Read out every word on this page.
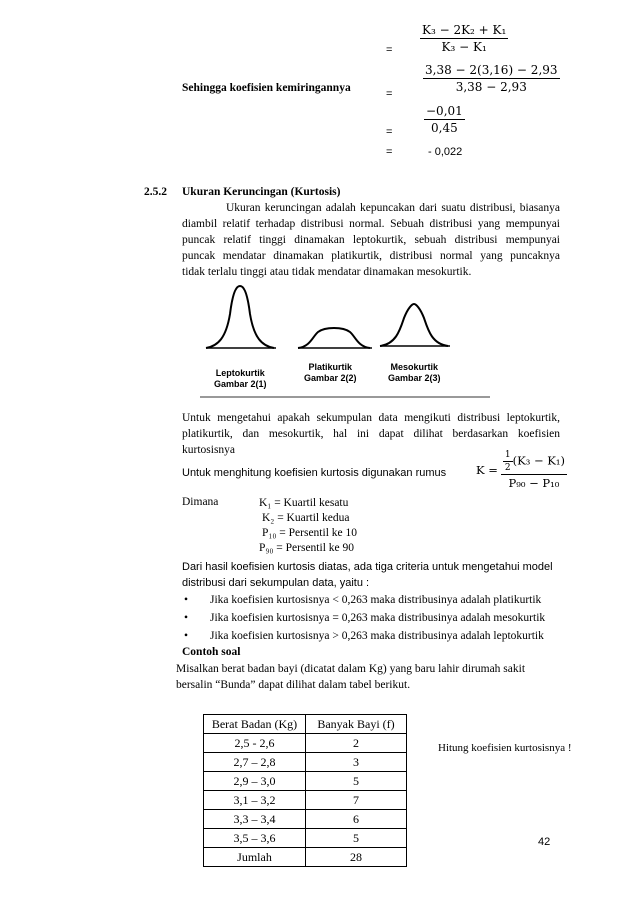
Sehingga koefisien kemiringannya
= $\frac{\text{K₃ − 2K₂ + K₁}}{\text{K₃ − K₁}}$
=	$\frac{3,38 - 2(3,16) - 2,93}{3,38 - 2,93}$
=	$\frac{-0,01}{0,45}$
=	- 0,022
2.5.2 Ukuran Keruncingan (Kurtosis)
Ukuran keruncingan adalah kepuncakan dari suatu distribusi, biasanya
diambil relatif terhadap distribusi normal. Sebuah distribusi yang mempunyai
puncak relatif tinggi dinamakan leptokurtik, sebuah distribusi mempunyai
puncak mendatar dinamakan platikurtik, distribusi normal yang puncaknya
tidak terlalu tinggi atau tidak mendatar dinamakan mesokurtik.
Leptokurtik
Gambar 2(1)
Platikurtik
Gambar 2(2)
Mesokurtik
Gambar 2(3)
Untuk mengetahui apakah sekumpulan data mengikuti distribusi leptokurtik,
platikurtik, dan mesokurtik, hal ini dapat dilihat berdasarkan koefisien
kurtosisnya
Untuk menghitung koefisien kurtosis digunakan rumus	$K = \frac{\frac{1}{2} (K_3 - K_1)}{\text{P₉₀ − P₁₀}}$
Dimana	K₁ = Kuartil kesatu
K₂ = Kuartil kedua
P₁₀ = Persentil ke 10
P₉₀ = Persentil ke 90
Dari hasil koefisien kurtosis diatas, ada tiga criteria untuk mengetahui model
distribusi dari sekumpulan data, yaitu :
• Jika koefisien kurtosisnya < 0,263 maka distribusinya adalah platikurtik
• Jika koefisien kurtosisnya = 0,263 maka distribusinya adalah mesokurtik
• Jika koefisien kurtosisnya > 0,263 maka distribusinya adalah leptokurtik
Contoh soal
Misalkan berat badan bayi (dicatat dalam Kg) yang baru lahir dirumah sakit
bersalin “Bunda” dapat dilihat dalam tabel berikut.
Berat Badan (Kg)	Banyak Bayi (f)
2,5 - 2,6	2
2,7 – 2,8	3
2,9 – 3,0	5
3,1 – 3,2	7
3,3 – 3,4	6
3,5 – 3,6	5
Jumlah	28
Hitung koefisien kurtosisnya !
42
